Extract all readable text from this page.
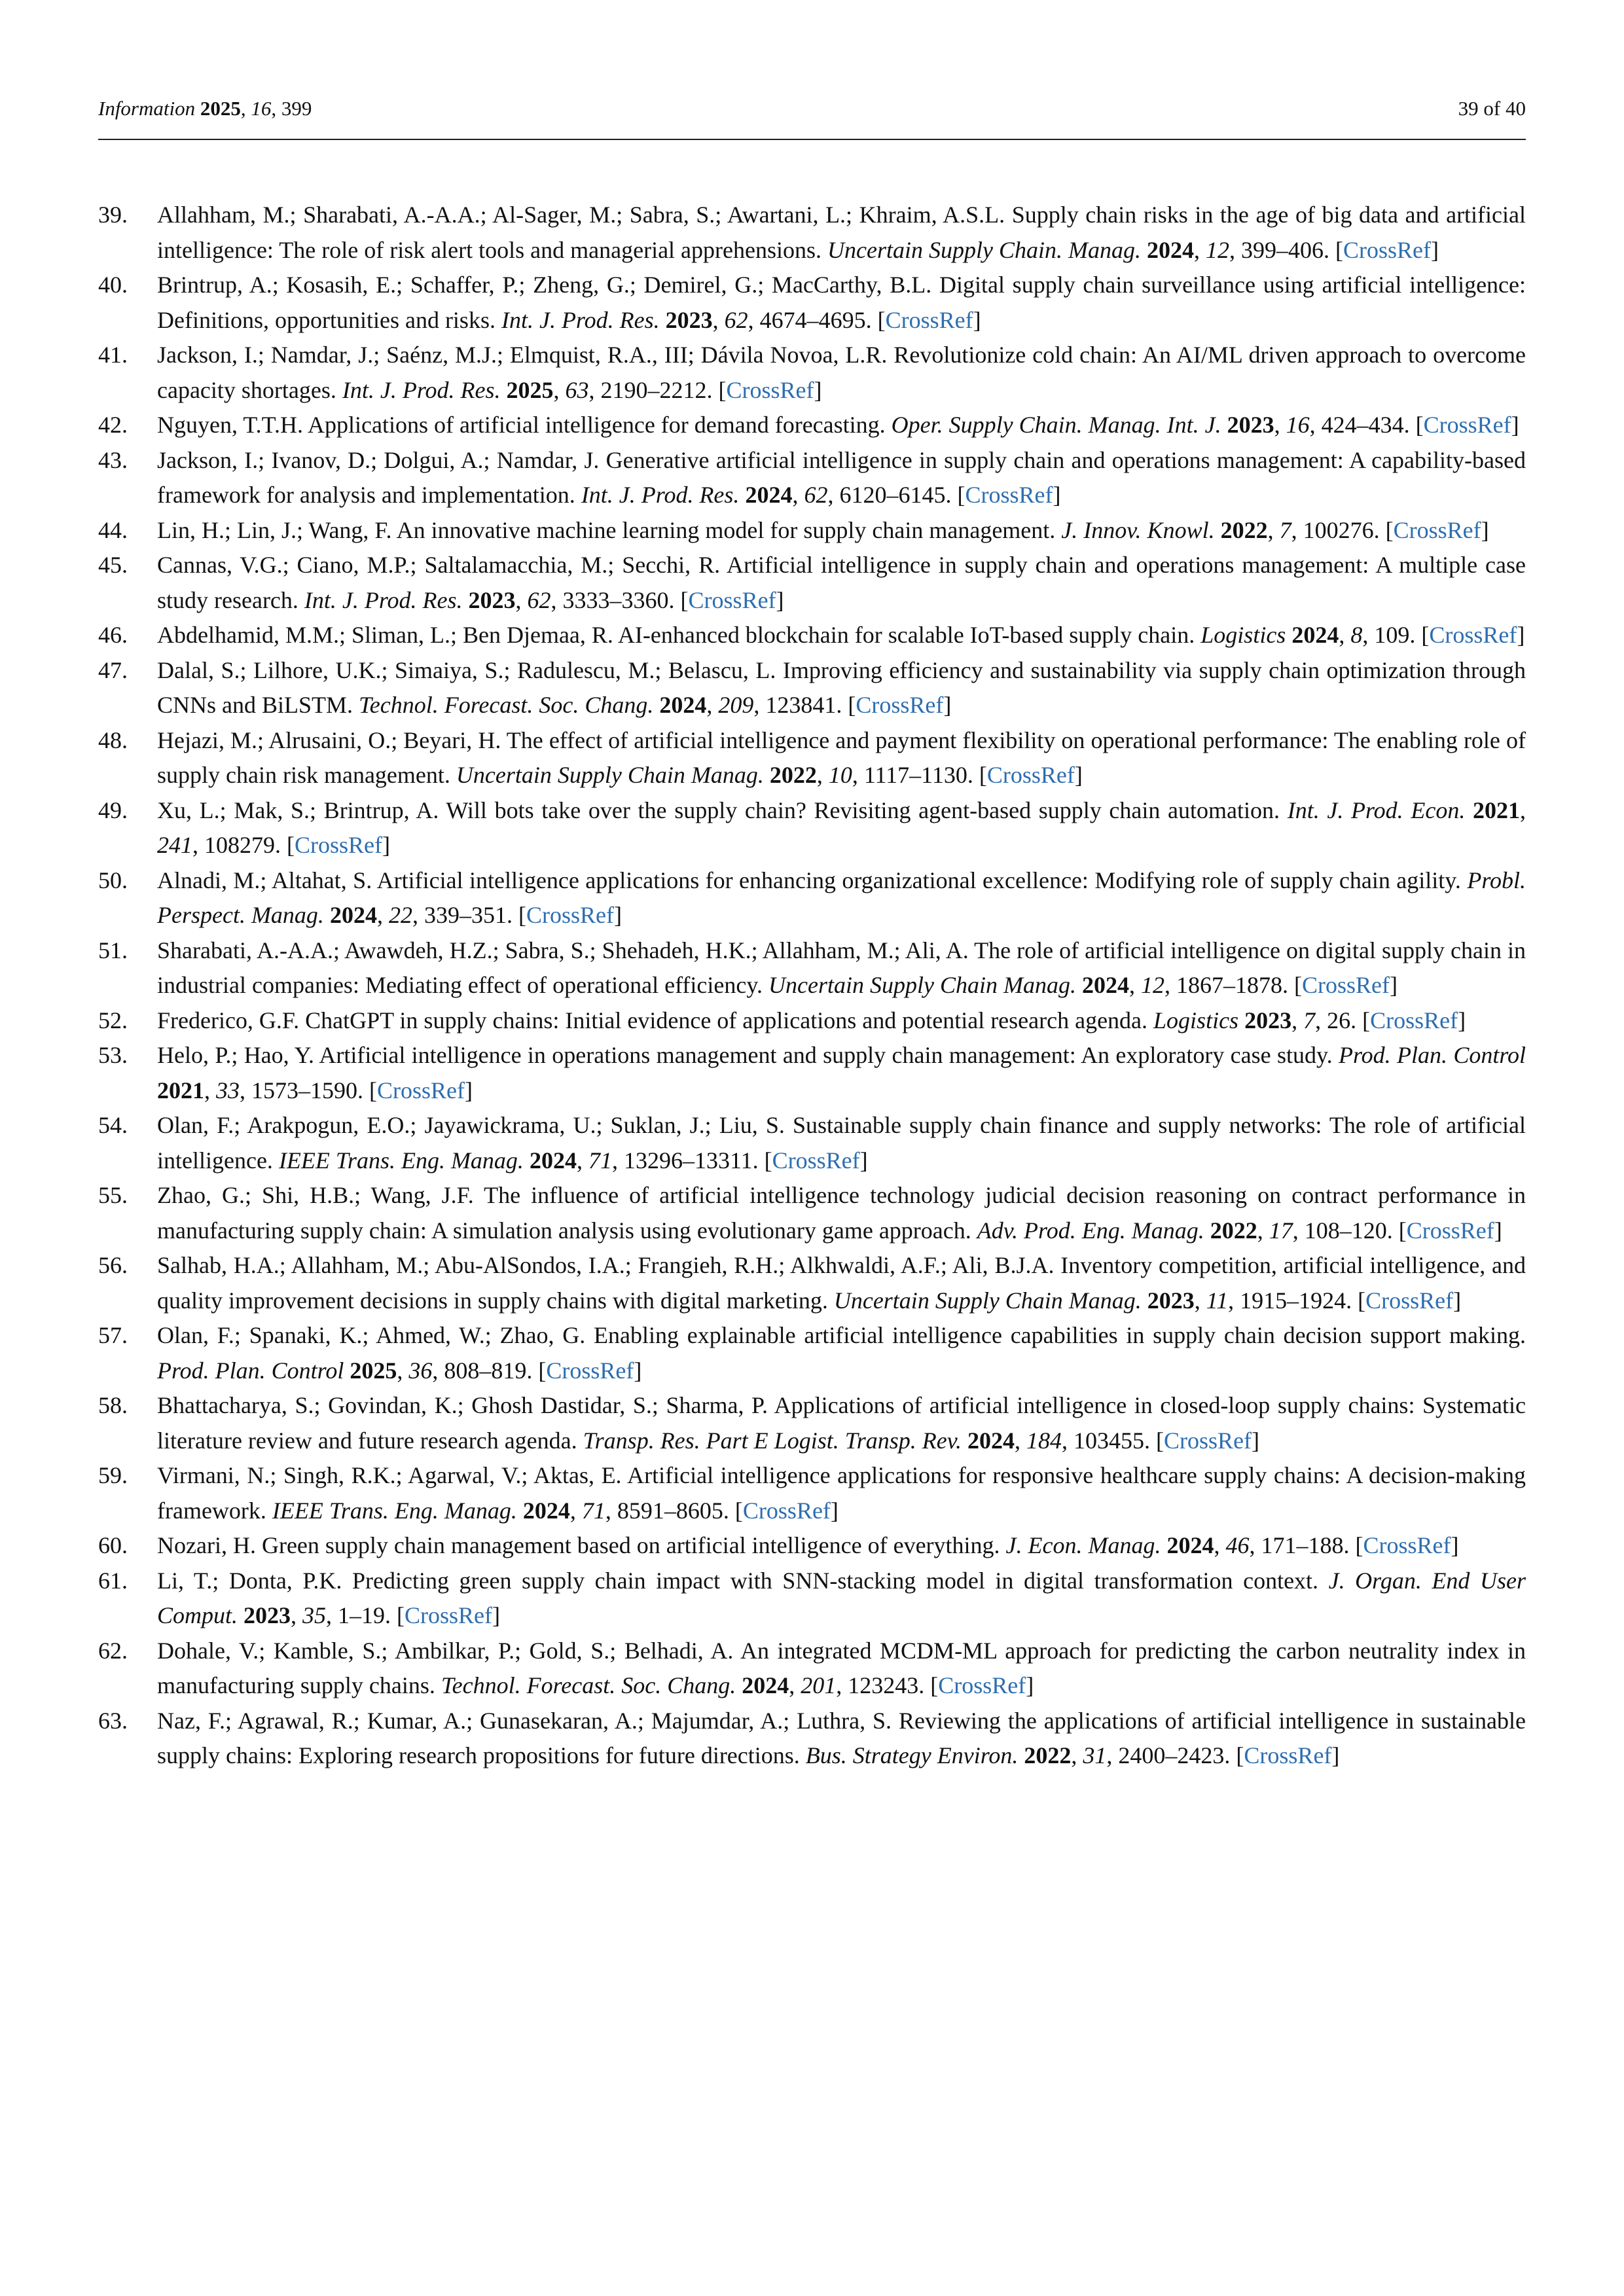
Information 2025, 16, 399	39 of 40
39. Allahham, M.; Sharabati, A.-A.A.; Al-Sager, M.; Sabra, S.; Awartani, L.; Khraim, A.S.L. Supply chain risks in the age of big data and artificial intelligence: The role of risk alert tools and managerial apprehensions. Uncertain Supply Chain. Manag. 2024, 12, 399–406. [CrossRef]
40. Brintrup, A.; Kosasih, E.; Schaffer, P.; Zheng, G.; Demirel, G.; MacCarthy, B.L. Digital supply chain surveillance using artificial intelligence: Definitions, opportunities and risks. Int. J. Prod. Res. 2023, 62, 4674–4695. [CrossRef]
41. Jackson, I.; Namdar, J.; Saénz, M.J.; Elmquist, R.A., III; Dávila Novoa, L.R. Revolutionize cold chain: An AI/ML driven approach to overcome capacity shortages. Int. J. Prod. Res. 2025, 63, 2190–2212. [CrossRef]
42. Nguyen, T.T.H. Applications of artificial intelligence for demand forecasting. Oper. Supply Chain. Manag. Int. J. 2023, 16, 424–434. [CrossRef]
43. Jackson, I.; Ivanov, D.; Dolgui, A.; Namdar, J. Generative artificial intelligence in supply chain and operations management: A capability-based framework for analysis and implementation. Int. J. Prod. Res. 2024, 62, 6120–6145. [CrossRef]
44. Lin, H.; Lin, J.; Wang, F. An innovative machine learning model for supply chain management. J. Innov. Knowl. 2022, 7, 100276. [CrossRef]
45. Cannas, V.G.; Ciano, M.P.; Saltalamacchia, M.; Secchi, R. Artificial intelligence in supply chain and operations management: A multiple case study research. Int. J. Prod. Res. 2023, 62, 3333–3360. [CrossRef]
46. Abdelhamid, M.M.; Sliman, L.; Ben Djemaa, R. AI-enhanced blockchain for scalable IoT-based supply chain. Logistics 2024, 8, 109. [CrossRef]
47. Dalal, S.; Lilhore, U.K.; Simaiya, S.; Radulescu, M.; Belascu, L. Improving efficiency and sustainability via supply chain optimization through CNNs and BiLSTM. Technol. Forecast. Soc. Chang. 2024, 209, 123841. [CrossRef]
48. Hejazi, M.; Alrusaini, O.; Beyari, H. The effect of artificial intelligence and payment flexibility on operational performance: The enabling role of supply chain risk management. Uncertain Supply Chain Manag. 2022, 10, 1117–1130. [CrossRef]
49. Xu, L.; Mak, S.; Brintrup, A. Will bots take over the supply chain? Revisiting agent-based supply chain automation. Int. J. Prod. Econ. 2021, 241, 108279. [CrossRef]
50. Alnadi, M.; Altahat, S. Artificial intelligence applications for enhancing organizational excellence: Modifying role of supply chain agility. Probl. Perspect. Manag. 2024, 22, 339–351. [CrossRef]
51. Sharabati, A.-A.A.; Awawdeh, H.Z.; Sabra, S.; Shehadeh, H.K.; Allahham, M.; Ali, A. The role of artificial intelligence on digital supply chain in industrial companies: Mediating effect of operational efficiency. Uncertain Supply Chain Manag. 2024, 12, 1867–1878. [CrossRef]
52. Frederico, G.F. ChatGPT in supply chains: Initial evidence of applications and potential research agenda. Logistics 2023, 7, 26. [CrossRef]
53. Helo, P.; Hao, Y. Artificial intelligence in operations management and supply chain management: An exploratory case study. Prod. Plan. Control 2021, 33, 1573–1590. [CrossRef]
54. Olan, F.; Arakpogun, E.O.; Jayawickrama, U.; Suklan, J.; Liu, S. Sustainable supply chain finance and supply networks: The role of artificial intelligence. IEEE Trans. Eng. Manag. 2024, 71, 13296–13311. [CrossRef]
55. Zhao, G.; Shi, H.B.; Wang, J.F. The influence of artificial intelligence technology judicial decision reasoning on contract performance in manufacturing supply chain: A simulation analysis using evolutionary game approach. Adv. Prod. Eng. Manag. 2022, 17, 108–120. [CrossRef]
56. Salhab, H.A.; Allahham, M.; Abu-AlSondos, I.A.; Frangieh, R.H.; Alkhwaldi, A.F.; Ali, B.J.A. Inventory competition, artificial intelligence, and quality improvement decisions in supply chains with digital marketing. Uncertain Supply Chain Manag. 2023, 11, 1915–1924. [CrossRef]
57. Olan, F.; Spanaki, K.; Ahmed, W.; Zhao, G. Enabling explainable artificial intelligence capabilities in supply chain decision support making. Prod. Plan. Control 2025, 36, 808–819. [CrossRef]
58. Bhattacharya, S.; Govindan, K.; Ghosh Dastidar, S.; Sharma, P. Applications of artificial intelligence in closed-loop supply chains: Systematic literature review and future research agenda. Transp. Res. Part E Logist. Transp. Rev. 2024, 184, 103455. [CrossRef]
59. Virmani, N.; Singh, R.K.; Agarwal, V.; Aktas, E. Artificial intelligence applications for responsive healthcare supply chains: A decision-making framework. IEEE Trans. Eng. Manag. 2024, 71, 8591–8605. [CrossRef]
60. Nozari, H. Green supply chain management based on artificial intelligence of everything. J. Econ. Manag. 2024, 46, 171–188. [CrossRef]
61. Li, T.; Donta, P.K. Predicting green supply chain impact with SNN-stacking model in digital transformation context. J. Organ. End User Comput. 2023, 35, 1–19. [CrossRef]
62. Dohale, V.; Kamble, S.; Ambilkar, P.; Gold, S.; Belhadi, A. An integrated MCDM-ML approach for predicting the carbon neutrality index in manufacturing supply chains. Technol. Forecast. Soc. Chang. 2024, 201, 123243. [CrossRef]
63. Naz, F.; Agrawal, R.; Kumar, A.; Gunasekaran, A.; Majumdar, A.; Luthra, S. Reviewing the applications of artificial intelligence in sustainable supply chains: Exploring research propositions for future directions. Bus. Strategy Environ. 2022, 31, 2400–2423. [CrossRef]
